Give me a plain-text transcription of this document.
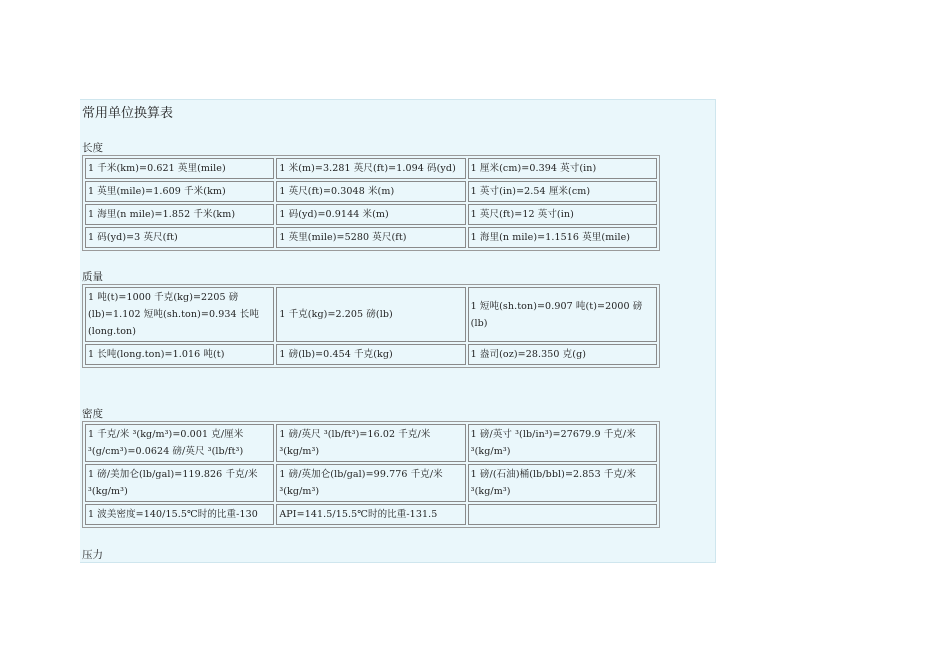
常用单位换算表
长度
1 千米(km)=0.621 英里(mile)	1 米(m)=3.281 英尺(ft)=1.094 码(yd)	1 厘米(cm)=0.394 英寸(in)
1 英里(mile)=1.609 千米(km)	1 英尺(ft)=0.3048 米(m)	1 英寸(in)=2.54 厘米(cm)
1 海里(n mile)=1.852 千米(km)	1 码(yd)=0.9144 米(m)	1 英尺(ft)=12 英寸(in)
1 码(yd)=3 英尺(ft)	1 英里(mile)=5280 英尺(ft)	1 海里(n mile)=1.1516 英里(mile)
质量
1 吨(t)=1000 千克(kg)=2205 磅(lb)=1.102 短吨(sh.ton)=0.934 长吨(long.ton)	1 千克(kg)=2.205 磅(lb)	1 短吨(sh.ton)=0.907 吨(t)=2000 磅(lb)
1 长吨(long.ton)=1.016 吨(t)	1 磅(lb)=0.454 千克(kg)	1 盎司(oz)=28.350 克(g)
密度
1 千克/米 ³(kg/m³)=0.001 克/厘米 ³(g/cm³)=0.0624 磅/英尺 ³(lb/ft³)	1 磅/英尺 ³(lb/ft³)=16.02 千克/米 ³(kg/m³)	1 磅/英寸 ³(lb/in³)=27679.9 千克/米 ³(kg/m³)
1 磅/美加仑(lb/gal)=119.826 千克/米 ³(kg/m³)	1 磅/英加仑(lb/gal)=99.776 千克/米 ³(kg/m³)	1 磅/(石油)桶(lb/bbl)=2.853 千克/米 ³(kg/m³)
1 波美密度=140/15.5℃时的比重-130	API=141.5/15.5℃时的比重-131.5	
压力
